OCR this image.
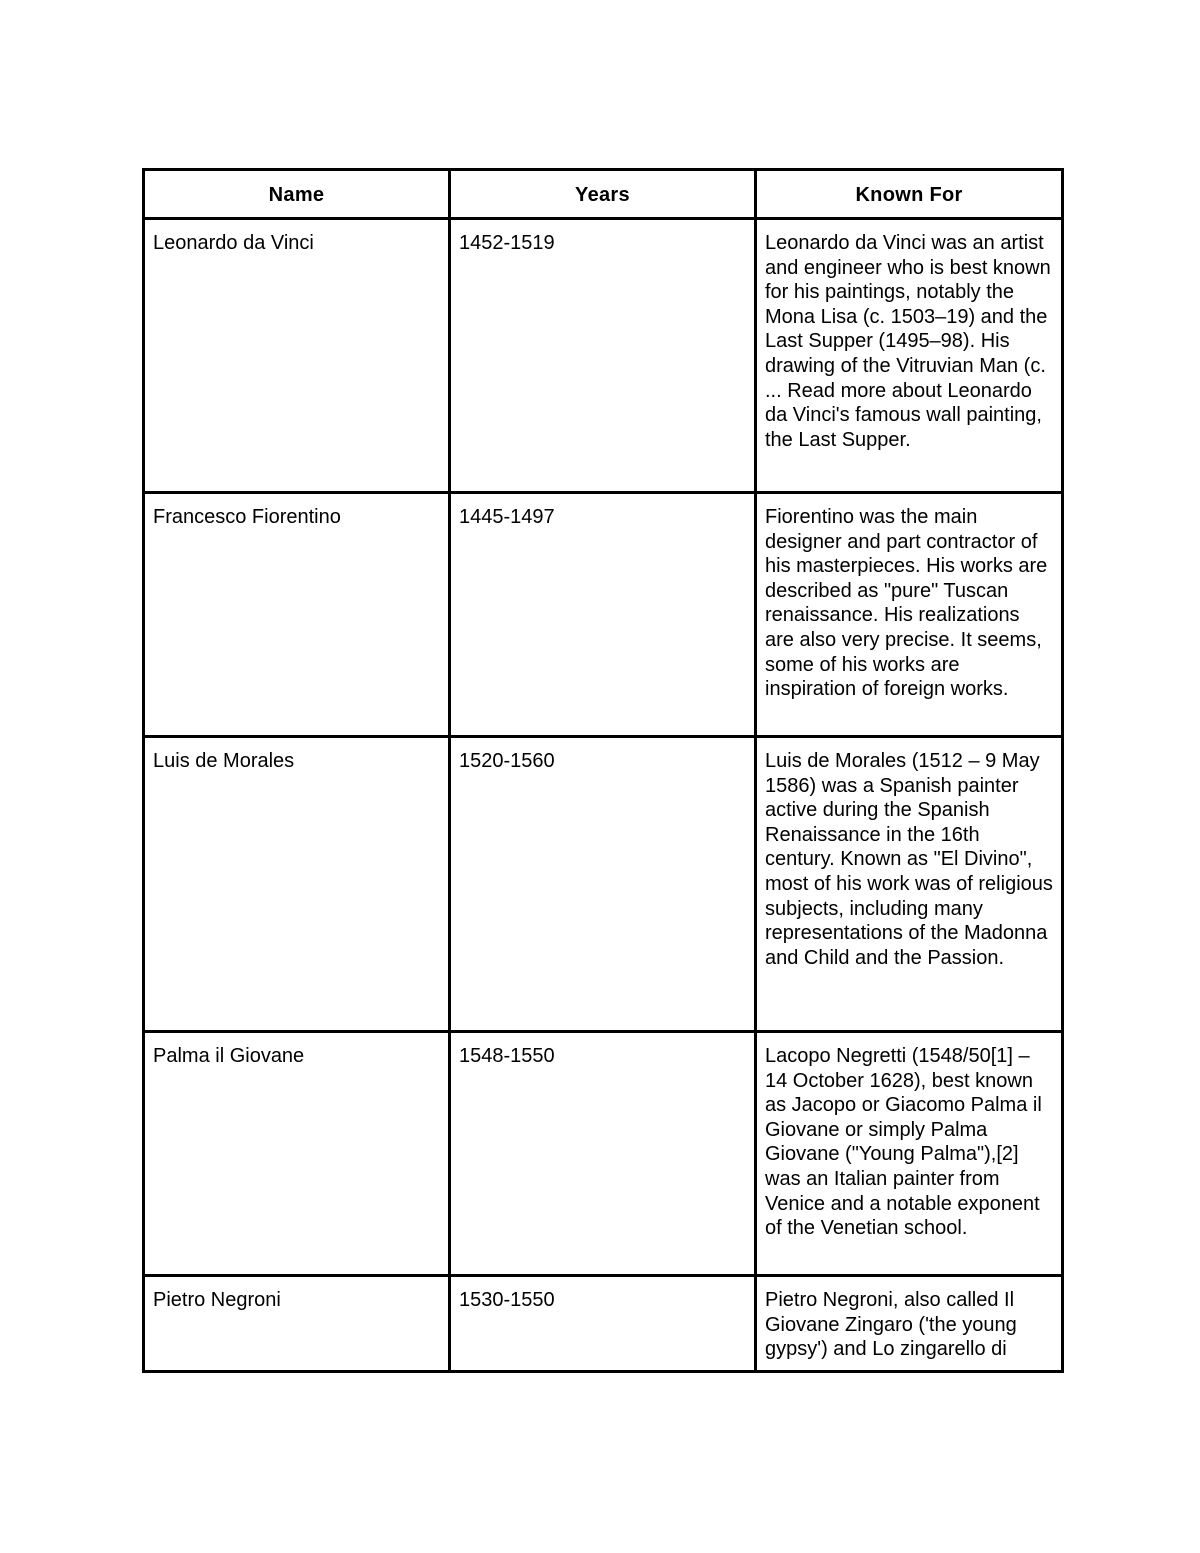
Name	Years	Known For
Leonardo da Vinci	1452-1519	Leonardo da Vinci was an artist and engineer who is best known for his paintings, notably the Mona Lisa (c. 1503–19) and the Last Supper (1495–98). His drawing of the Vitruvian Man (c. ... Read more about Leonardo da Vinci's famous wall painting, the Last Supper.
Francesco Fiorentino	1445-1497	Fiorentino was the main designer and part contractor of his masterpieces. His works are described as "pure" Tuscan renaissance. His realizations are also very precise. It seems, some of his works are inspiration of foreign works.
Luis de Morales	1520-1560	Luis de Morales (1512 – 9 May 1586) was a Spanish painter active during the Spanish Renaissance in the 16th century. Known as "El Divino", most of his work was of religious subjects, including many representations of the Madonna and Child and the Passion.
Palma il Giovane	1548-1550	Lacopo Negretti (1548/50[1] – 14 October 1628), best known as Jacopo or Giacomo Palma il Giovane or simply Palma Giovane ("Young Palma"),[2] was an Italian painter from Venice and a notable exponent of the Venetian school.
Pietro Negroni	1530-1550	Pietro Negroni, also called Il Giovane Zingaro ('the young gypsy') and Lo zingarello di
